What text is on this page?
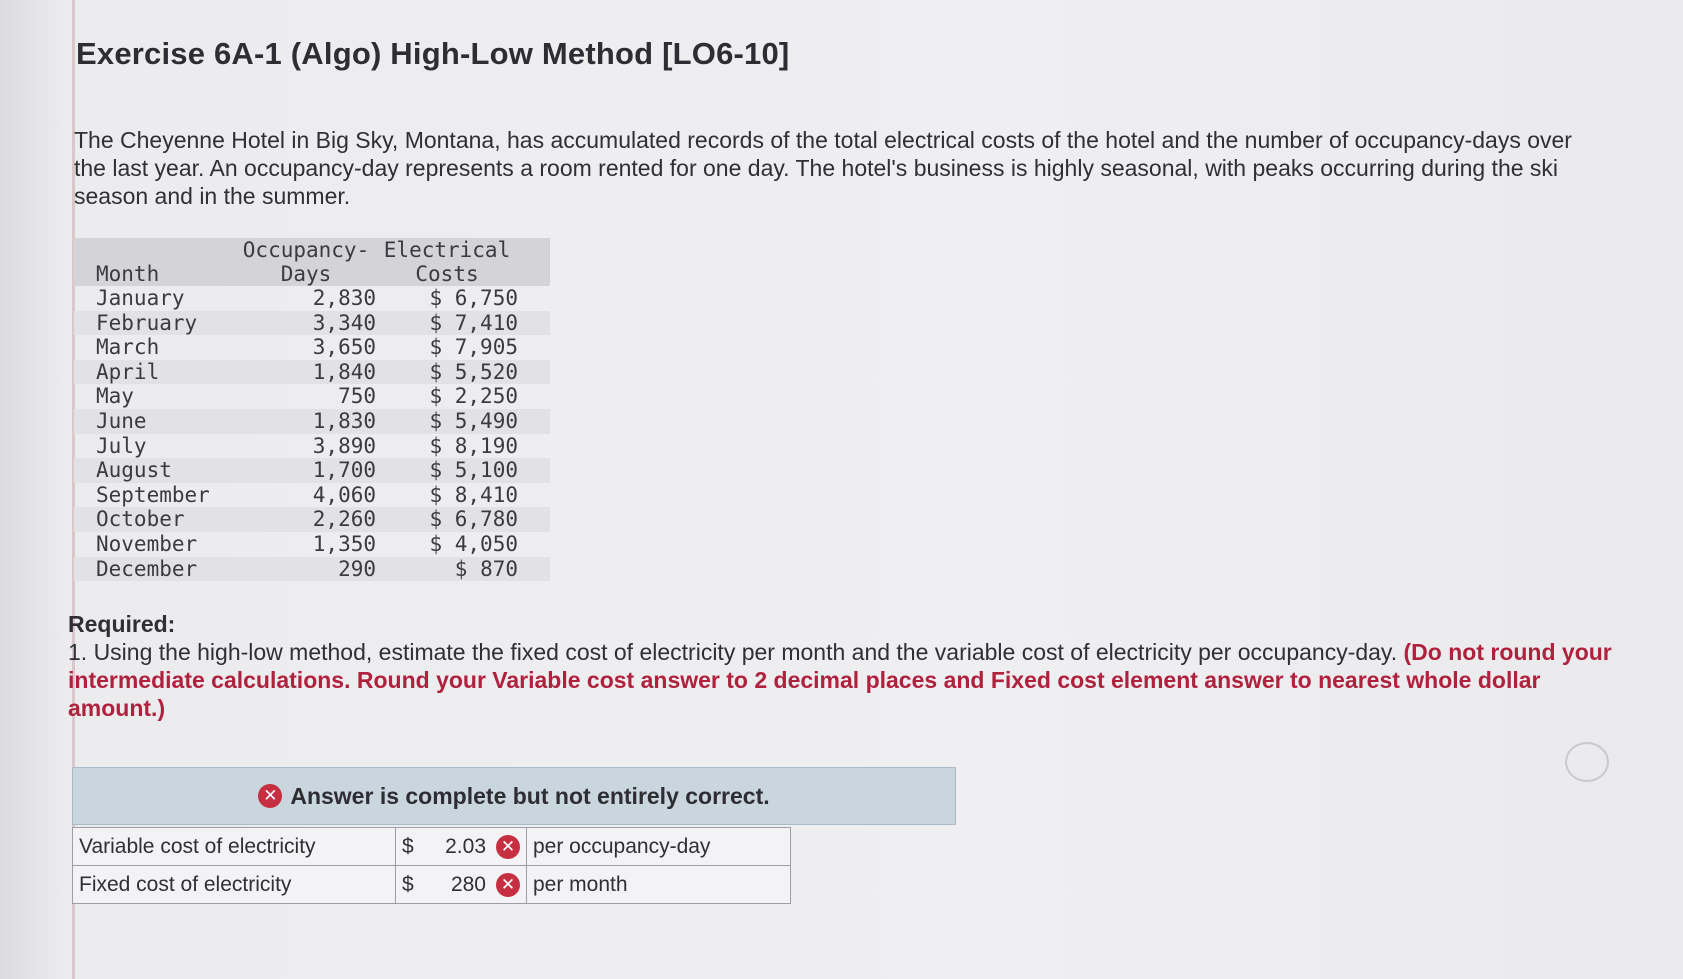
Exercise 6A-1 (Algo) High-Low Method [LO6-10]

The Cheyenne Hotel in Big Sky, Montana, has accumulated records of the total electrical costs of the hotel and the number of occupancy-days over the last year. An occupancy-day represents a room rented for one day. The hotel's business is highly seasonal, with peaks occurring during the ski season and in the summer.

Month	Occupancy-	Electrical
	Days	Costs
January	2,830	$ 6,750
February	3,340	$ 7,410
March	3,650	$ 7,905
April	1,840	$ 5,520
May	750	$ 2,250
June	1,830	$ 5,490
July	3,890	$ 8,190
August	1,700	$ 5,100
September	4,060	$ 8,410
October	2,260	$ 6,780
November	1,350	$ 4,050
December	290	$ 870
Required:
1. Using the high-low method, estimate the fixed cost of electricity per month and the variable cost of electricity per occupancy-day. (Do not round your intermediate calculations. Round your Variable cost answer to 2 decimal places and Fixed cost element answer to nearest whole dollar amount.)
✕ Answer is complete but not entirely correct.
Variable cost of electricity	$ 2.03 ✕	per occupancy-day
Fixed cost of electricity	$ 280 ✕	per month
